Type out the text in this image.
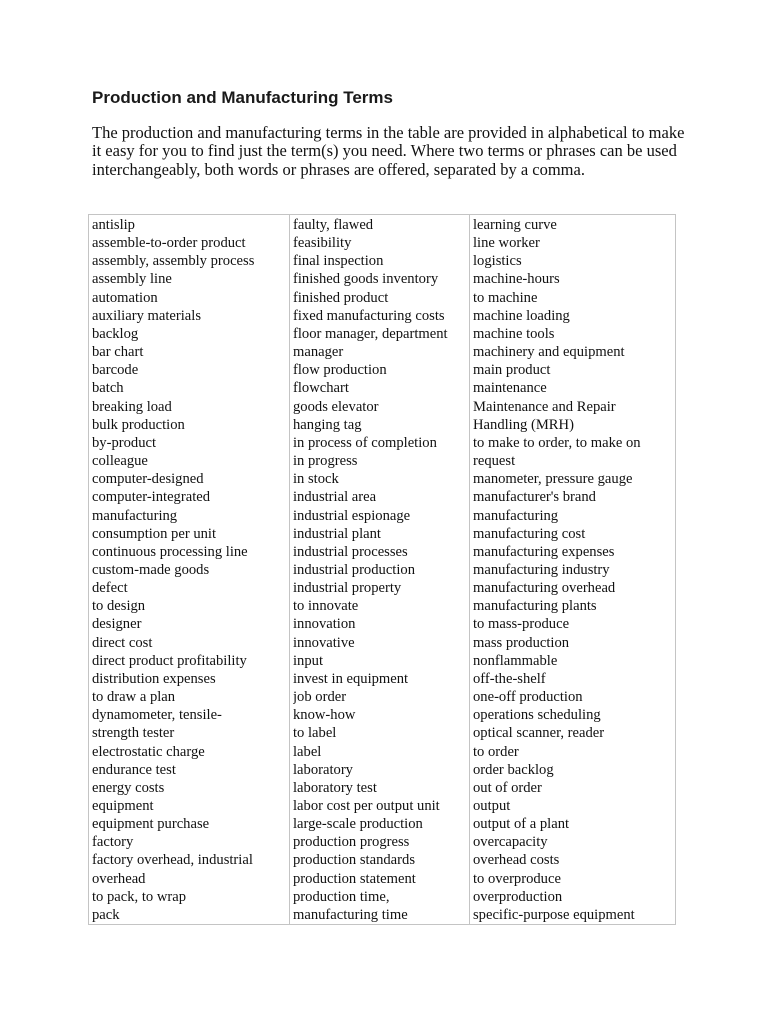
Production and Manufacturing Terms

The production and manufacturing terms in the table are provided in alphabetical to make it easy for you to find just the term(s) you need. Where two terms or phrases can be used interchangeably, both words or phrases are offered, separated by a comma.

antislip
assemble-to-order product
assembly, assembly process
assembly line
automation
auxiliary materials
backlog
bar chart
barcode
batch
breaking load
bulk production
by-product
colleague
computer-designed
computer-integrated
manufacturing
consumption per unit
continuous processing line
custom-made goods
defect
to design
designer
direct cost
direct product profitability
distribution expenses
to draw a plan
dynamometer, tensile-
strength tester
electrostatic charge
endurance test
energy costs
equipment
equipment purchase
factory
factory overhead, industrial
overhead
to pack, to wrap
pack
faulty, flawed
feasibility
final inspection
finished goods inventory
finished product
fixed manufacturing costs
floor manager, department
manager
flow production
flowchart
goods elevator
hanging tag
in process of completion
in progress
in stock
industrial area
industrial espionage
industrial plant
industrial processes
industrial production
industrial property
to innovate
innovation
innovative
input
invest in equipment
job order
know-how
to label
label
laboratory
laboratory test
labor cost per output unit
large-scale production
production progress
production standards
production statement
production time,
manufacturing time
learning curve
line worker
logistics
machine-hours
to machine
machine loading
machine tools
machinery and equipment
main product
maintenance
Maintenance and Repair
Handling (MRH)
to make to order, to make on
request
manometer, pressure gauge
manufacturer's brand
manufacturing
manufacturing cost
manufacturing expenses
manufacturing industry
manufacturing overhead
manufacturing plants
to mass-produce
mass production
nonflammable
off-the-shelf
one-off production
operations scheduling
optical scanner, reader
to order
order backlog
out of order
output
output of a plant
overcapacity
overhead costs
to overproduce
overproduction
specific-purpose equipment
